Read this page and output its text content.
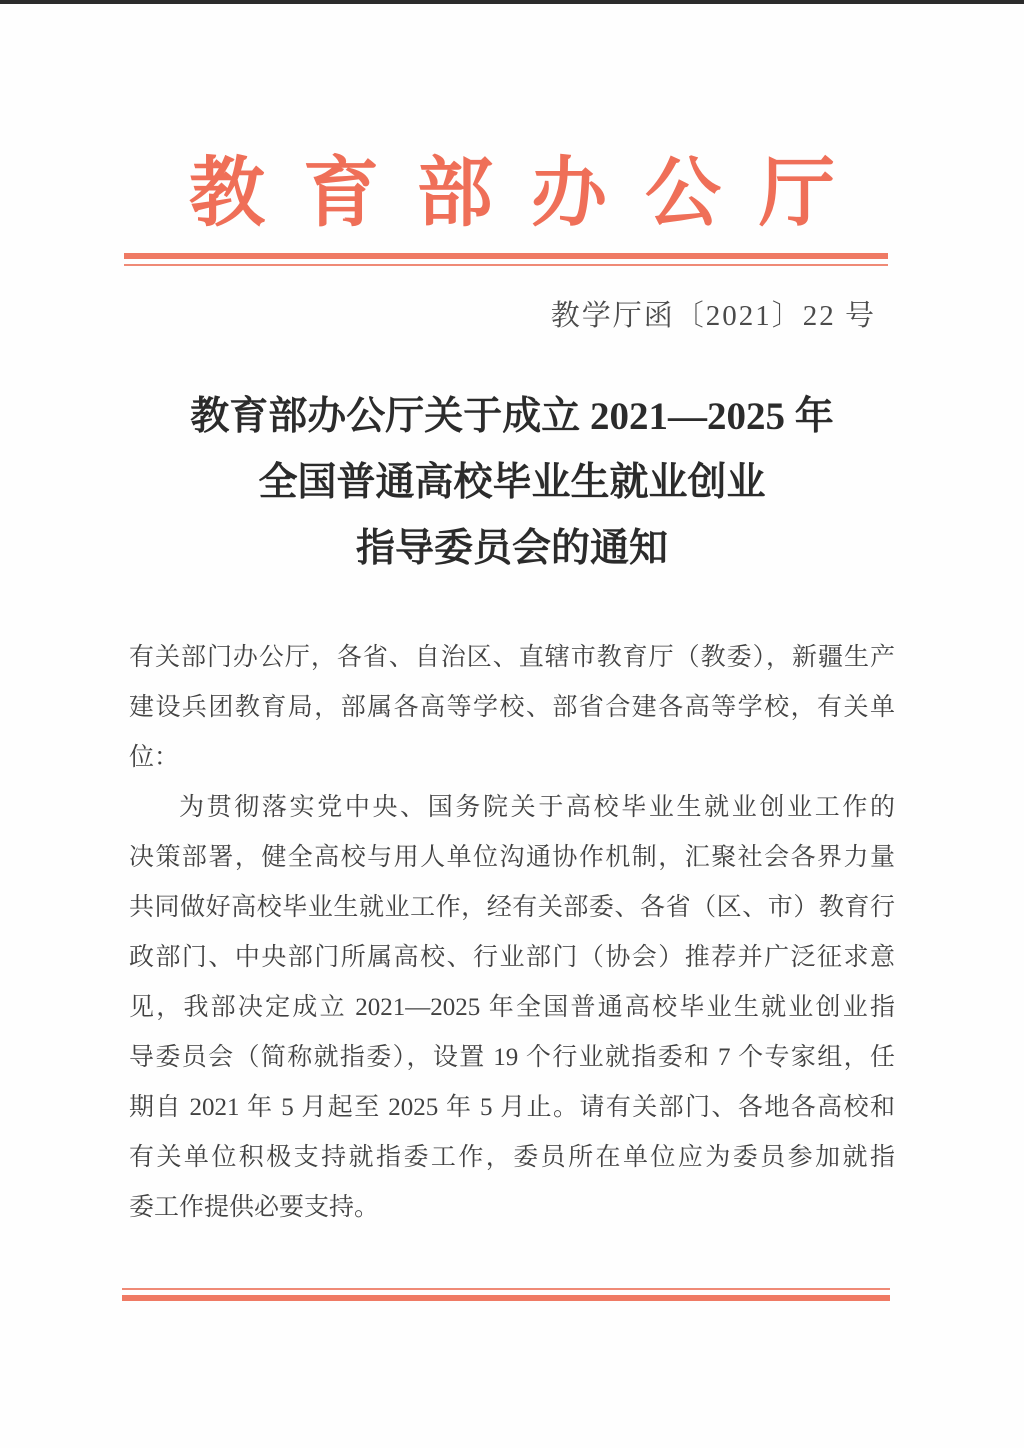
教育部办公厅
教学厅函〔2021〕22 号
教育部办公厅关于成立 2021—2025 年
全国普通高校毕业生就业创业
指导委员会的通知
有关部门办公厅，各省、自治区、直辖市教育厅（教委），新疆生产
建设兵团教育局，部属各高等学校、部省合建各高等学校，有关单
位：
为贯彻落实党中央、国务院关于高校毕业生就业创业工作的
决策部署，健全高校与用人单位沟通协作机制，汇聚社会各界力量
共同做好高校毕业生就业工作，经有关部委、各省（区、市）教育行
政部门、中央部门所属高校、行业部门（协会）推荐并广泛征求意
见，我部决定成立 2021—2025 年全国普通高校毕业生就业创业指
导委员会（简称就指委），设置 19 个行业就指委和 7 个专家组，任
期自 2021 年 5 月起至 2025 年 5 月止。请有关部门、各地各高校和
有关单位积极支持就指委工作，委员所在单位应为委员参加就指
委工作提供必要支持。
